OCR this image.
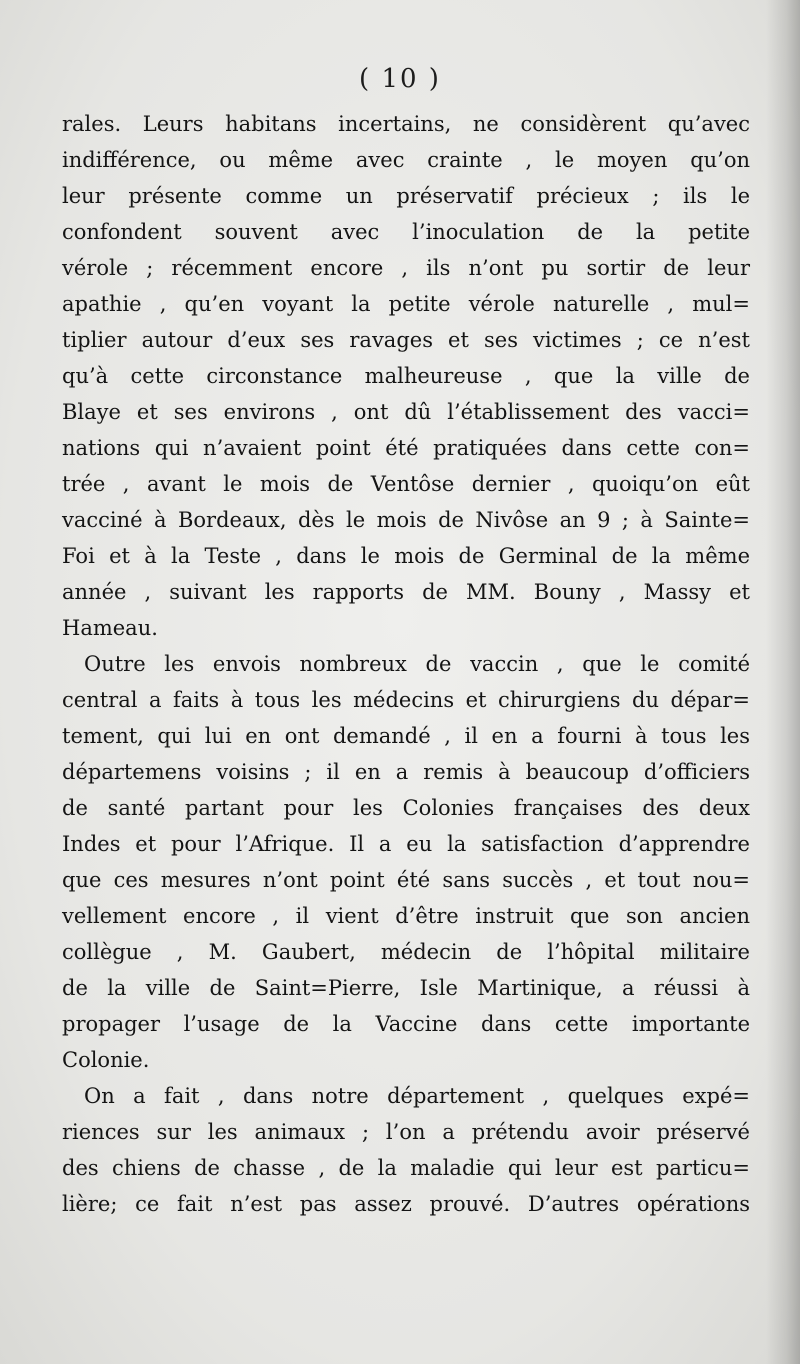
( 10 )
rales. Leurs habitans incertains, ne considèrent qu’avec
indifférence, ou même avec crainte , le moyen qu’on
leur présente comme un préservatif précieux ; ils le
confondent souvent avec l’inoculation de la petite
vérole ; récemment encore , ils n’ont pu sortir de leur
apathie , qu’en voyant la petite vérole naturelle , mul=
tiplier autour d’eux ses ravages et ses victimes ; ce n’est
qu’à cette circonstance malheureuse , que la ville de
Blaye et ses environs , ont dû l’établissement des vacci=
nations qui n’avaient point été pratiquées dans cette con=
trée , avant le mois de Ventôse dernier , quoiqu’on eût
vacciné à Bordeaux, dès le mois de Nivôse an 9 ; à Sainte=
Foi et à la Teste , dans le mois de Germinal de la même
année , suivant les rapports de MM. Bouny , Massy et
Hameau.
Outre les envois nombreux de vaccin , que le comité
central a faits à tous les médecins et chirurgiens du dépar=
tement, qui lui en ont demandé , il en a fourni à tous les
départemens voisins ; il en a remis à beaucoup d’officiers
de santé partant pour les Colonies françaises des deux
Indes et pour l’Afrique. Il a eu la satisfaction d’apprendre
que ces mesures n’ont point été sans succès , et tout nou=
vellement encore , il vient d’être instruit que son ancien
collègue , M. Gaubert, médecin de l’hôpital militaire
de la ville de Saint=Pierre, Isle Martinique, a réussi à
propager l’usage de la Vaccine dans cette importante
Colonie.
On a fait , dans notre département , quelques expé=
riences sur les animaux ; l’on a prétendu avoir préservé
des chiens de chasse , de la maladie qui leur est particu=
lière; ce fait n’est pas assez prouvé. D’autres opérations
